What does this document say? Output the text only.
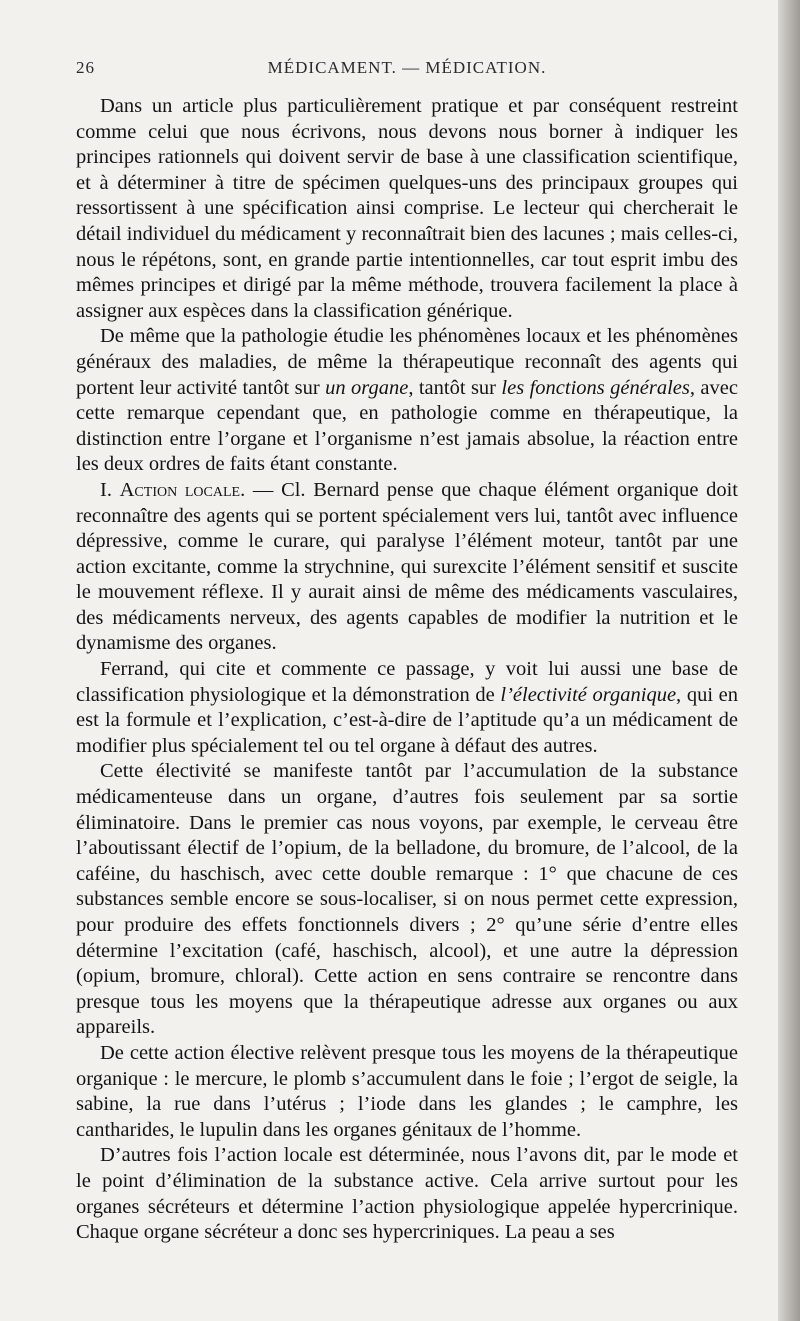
26	MÉDICAMENT. — MÉDICATION.

Dans un article plus particulièrement pratique et par conséquent restreint comme celui que nous écrivons, nous devons nous borner à indiquer les principes rationnels qui doivent servir de base à une classification scientifique, et à déterminer à titre de spécimen quelques-uns des principaux groupes qui ressortissent à une spécification ainsi comprise. Le lecteur qui chercherait le détail individuel du médicament y reconnaîtrait bien des lacunes ; mais celles-ci, nous le répétons, sont, en grande partie intentionnelles, car tout esprit imbu des mêmes principes et dirigé par la même méthode, trouvera facilement la place à assigner aux espèces dans la classification générique.

De même que la pathologie étudie les phénomènes locaux et les phénomènes généraux des maladies, de même la thérapeutique reconnaît des agents qui portent leur activité tantôt sur un organe, tantôt sur les fonctions générales, avec cette remarque cependant que, en pathologie comme en thérapeutique, la distinction entre l’organe et l’organisme n’est jamais absolue, la réaction entre les deux ordres de faits étant constante.

I. Action locale. — Cl. Bernard pense que chaque élément organique doit reconnaître des agents qui se portent spécialement vers lui, tantôt avec influence dépressive, comme le curare, qui paralyse l’élément moteur, tantôt par une action excitante, comme la strychnine, qui surexcite l’élément sensitif et suscite le mouvement réflexe. Il y aurait ainsi de même des médicaments vasculaires, des médicaments nerveux, des agents capables de modifier la nutrition et le dynamisme des organes.

Ferrand, qui cite et commente ce passage, y voit lui aussi une base de classification physiologique et la démonstration de l’électivité organique, qui en est la formule et l’explication, c’est-à-dire de l’aptitude qu’a un médicament de modifier plus spécialement tel ou tel organe à défaut des autres.

Cette électivité se manifeste tantôt par l’accumulation de la substance médicamenteuse dans un organe, d’autres fois seulement par sa sortie éliminatoire. Dans le premier cas nous voyons, par exemple, le cerveau être l’aboutissant électif de l’opium, de la belladone, du bromure, de l’alcool, de la caféine, du haschisch, avec cette double remarque : 1° que chacune de ces substances semble encore se sous-localiser, si on nous permet cette expression, pour produire des effets fonctionnels divers ; 2° qu’une série d’entre elles détermine l’excitation (café, haschisch, alcool), et une autre la dépression (opium, bromure, chloral). Cette action en sens contraire se rencontre dans presque tous les moyens que la thérapeutique adresse aux organes ou aux appareils.

De cette action élective relèvent presque tous les moyens de la thérapeutique organique : le mercure, le plomb s’accumulent dans le foie ; l’ergot de seigle, la sabine, la rue dans l’utérus ; l’iode dans les glandes ; le camphre, les cantharides, le lupulin dans les organes génitaux de l’homme.

D’autres fois l’action locale est déterminée, nous l’avons dit, par le mode et le point d’élimination de la substance active. Cela arrive surtout pour les organes sécréteurs et détermine l’action physiologique appelée hypercrinique. Chaque organe sécréteur a donc ses hypercriniques. La peau a ses
